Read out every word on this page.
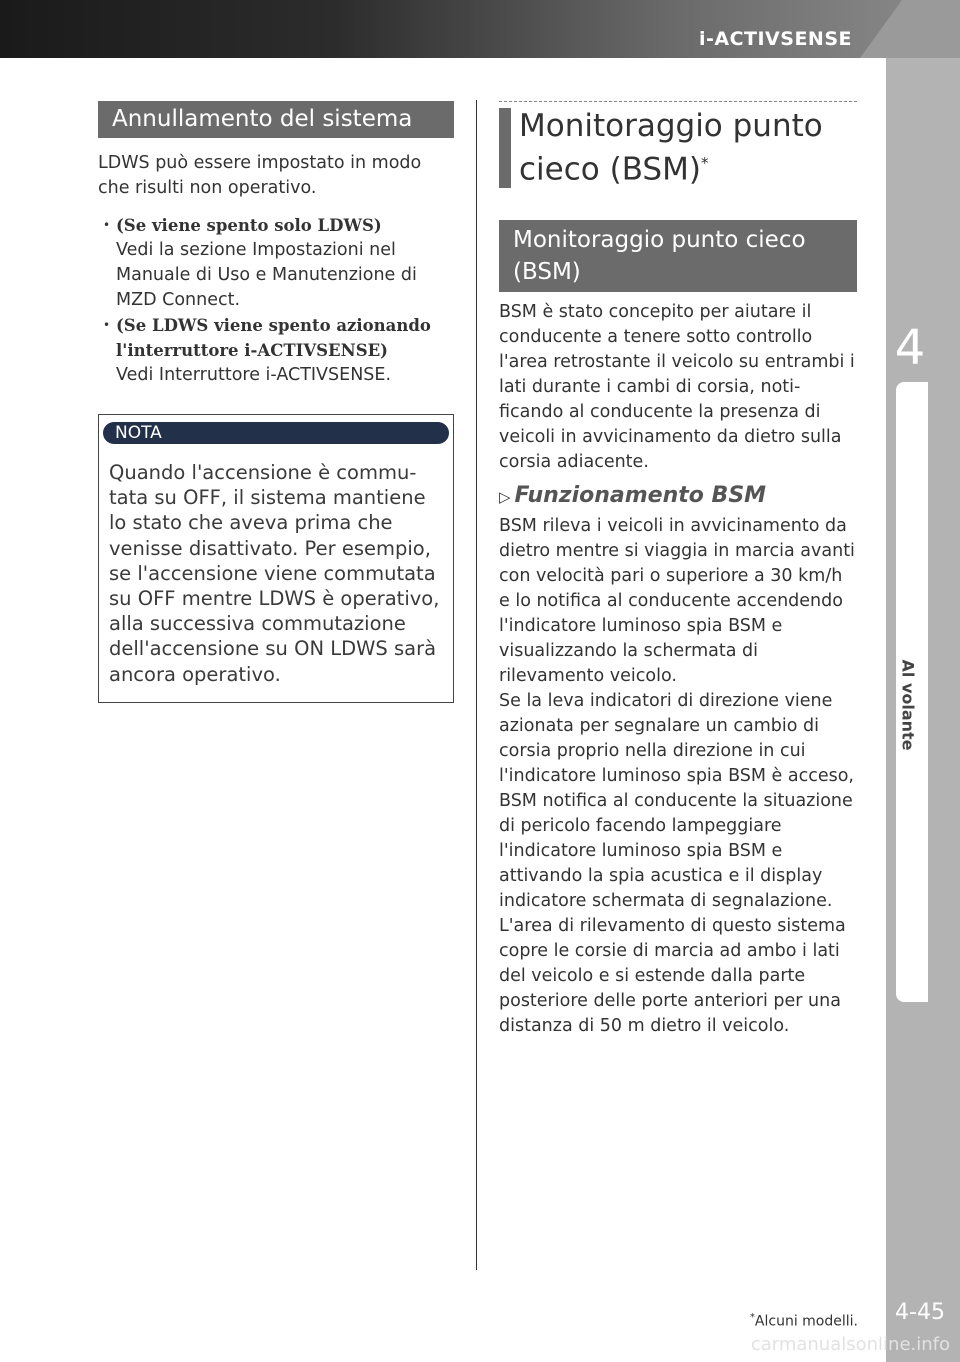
i-ACTIVSENSE
4
Al volante
4-45
*Alcuni modelli.
Annullamento del sistema
LDWS può essere impostato in modo che risulti non operativo.
• (Se viene spento solo LDWS)
Vedi la sezione Impostazioni nel Manuale di Uso e Manutenzione di MZD Connect.
• (Se LDWS viene spento azionando l'interruttore i-ACTIVSENSE)
Vedi Interruttore i-ACTIVSENSE.
NOTA
Quando l'accensione è commutata su OFF, il sistema mantiene lo stato che aveva prima che venisse disattivato. Per esempio, se l'accensione viene commutata su OFF mentre LDWS è operativo, alla successiva commutazione dell'accensione su ON LDWS sarà ancora operativo.
Monitoraggio punto cieco (BSM)*
Monitoraggio punto cieco (BSM)
BSM è stato concepito per aiutare il conducente a tenere sotto controllo l'area retrostante il veicolo su entrambi i lati durante i cambi di corsia, notificando al conducente la presenza di veicoli in avvicinamento da dietro sulla corsia adiacente.
▷ Funzionamento BSM
BSM rileva i veicoli in avvicinamento da dietro mentre si viaggia in marcia avanti con velocità pari o superiore a 30 km/h e lo notifica al conducente accendendo l'indicatore luminoso spia BSM e visualizzando la schermata di rilevamento veicolo.
Se la leva indicatori di direzione viene azionata per segnalare un cambio di corsia proprio nella direzione in cui l'indicatore luminoso spia BSM è acceso, BSM notifica al conducente la situazione di pericolo facendo lampeggiare l'indicatore luminoso spia BSM e attivando la spia acustica e il display indicatore schermata di segnalazione.
L'area di rilevamento di questo sistema copre le corsie di marcia ad ambo i lati del veicolo e si estende dalla parte posteriore delle porte anteriori per una distanza di 50 m dietro il veicolo.
carmanualsonline.info
